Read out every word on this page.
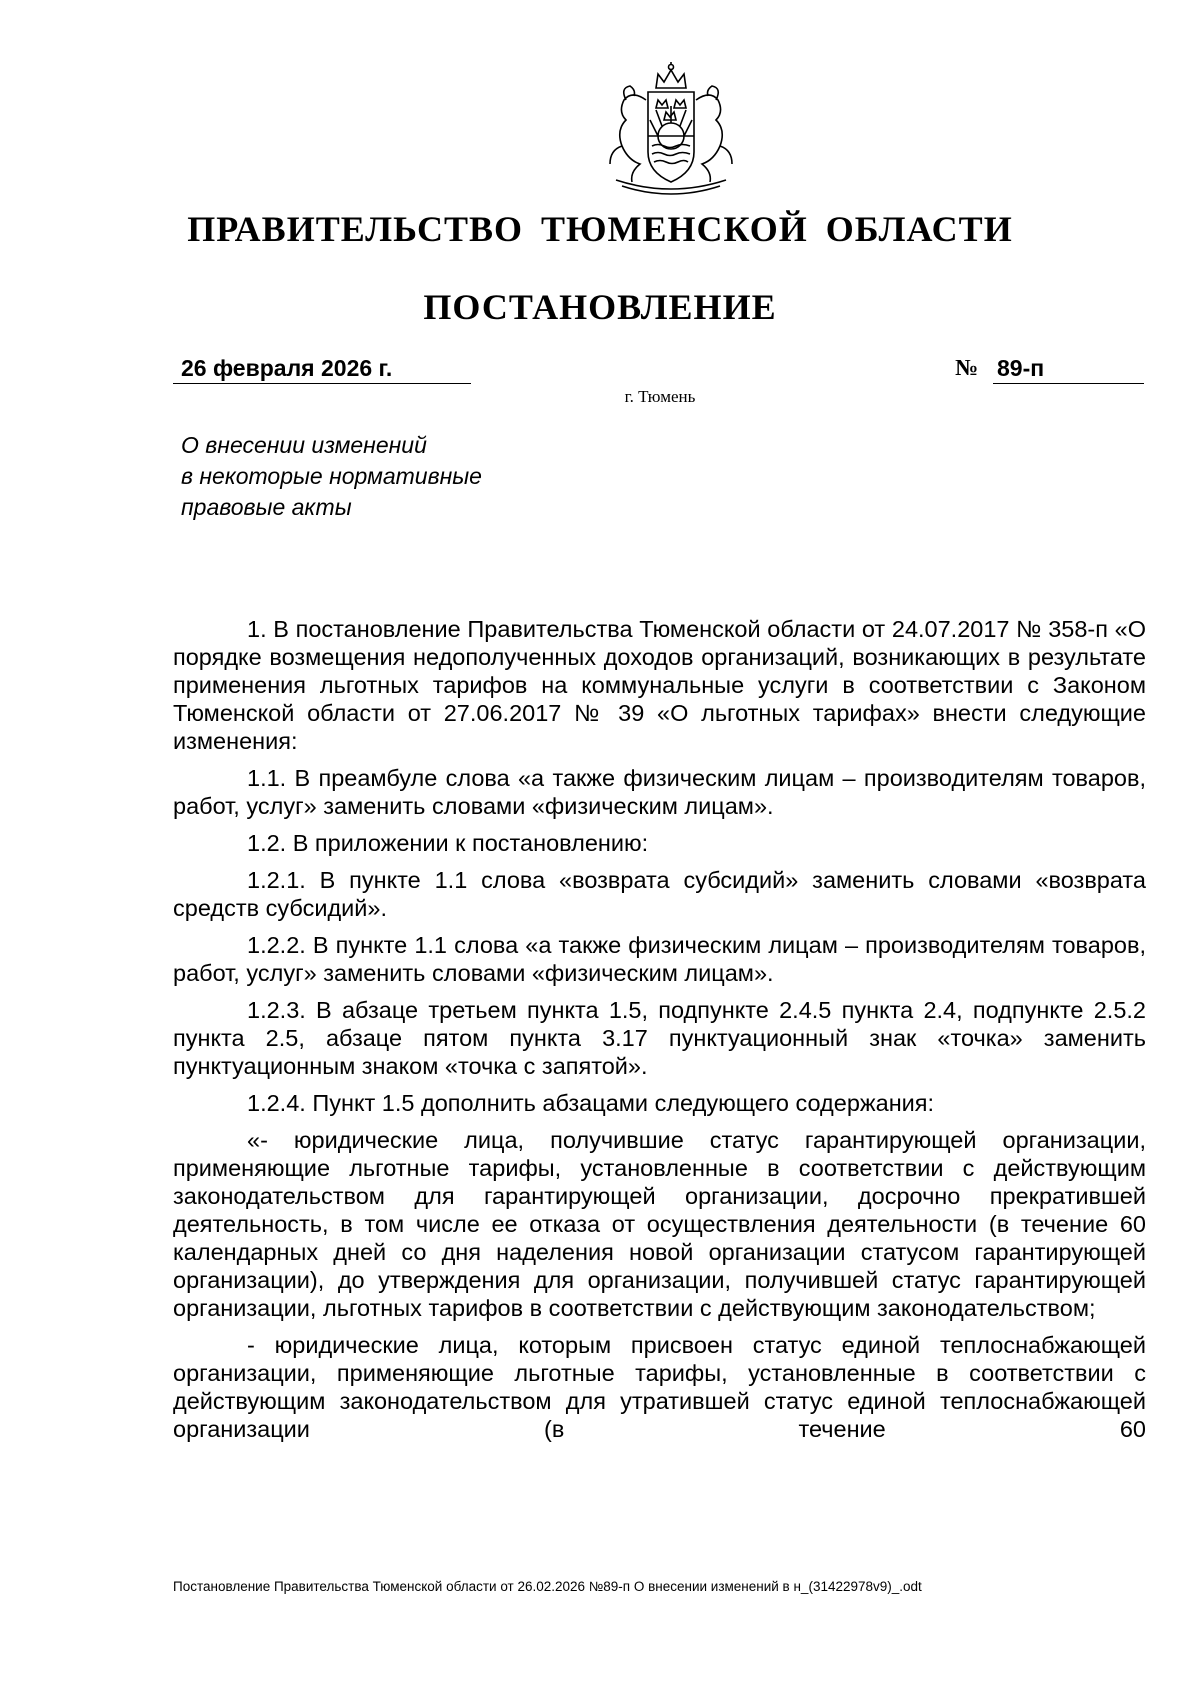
ПРАВИТЕЛЬСТВО ТЮМЕНСКОЙ ОБЛАСТИ
ПОСТАНОВЛЕНИЕ
26 февраля 2026 г.	№ 89-п
г. Тюмень
О внесении изменений
в некоторые нормативные
правовые акты

1. В постановление Правительства Тюменской области от 24.07.2017 № 358-п «О порядке возмещения недополученных доходов организаций, возникающих в результате применения льготных тарифов на коммунальные услуги в соответствии с Законом Тюменской области от 27.06.2017 № 39 «О льготных тарифах» внести следующие изменения:

1.1. В преамбуле слова «а также физическим лицам – производителям товаров, работ, услуг» заменить словами «физическим лицам».

1.2. В приложении к постановлению:

1.2.1. В пункте 1.1 слова «возврата субсидий» заменить словами «возврата средств субсидий».

1.2.2. В пункте 1.1 слова «а также физическим лицам – производителям товаров, работ, услуг» заменить словами «физическим лицам».

1.2.3. В абзаце третьем пункта 1.5, подпункте 2.4.5 пункта 2.4, подпункте 2.5.2 пункта 2.5, абзаце пятом пункта 3.17 пунктуационный знак «точка» заменить пунктуационным знаком «точка с запятой».

1.2.4. Пункт 1.5 дополнить абзацами следующего содержания:

«- юридические лица, получившие статус гарантирующей организации, применяющие льготные тарифы, установленные в соответствии с действующим законодательством для гарантирующей организации, досрочно прекратившей деятельность, в том числе ее отказа от осуществления деятельности (в течение 60 календарных дней со дня наделения новой организации статусом гарантирующей организации), до утверждения для организации, получившей статус гарантирующей организации, льготных тарифов в соответствии с действующим законодательством;

- юридические лица, которым присвоен статус единой теплоснабжающей организации, применяющие льготные тарифы, установленные в соответствии с действующим законодательством для утратившей статус единой теплоснабжающей организации (в течение 60

Постановление Правительства Тюменской области от 26.02.2026 №89-п О внесении изменений в н_(31422978v9)_.odt
